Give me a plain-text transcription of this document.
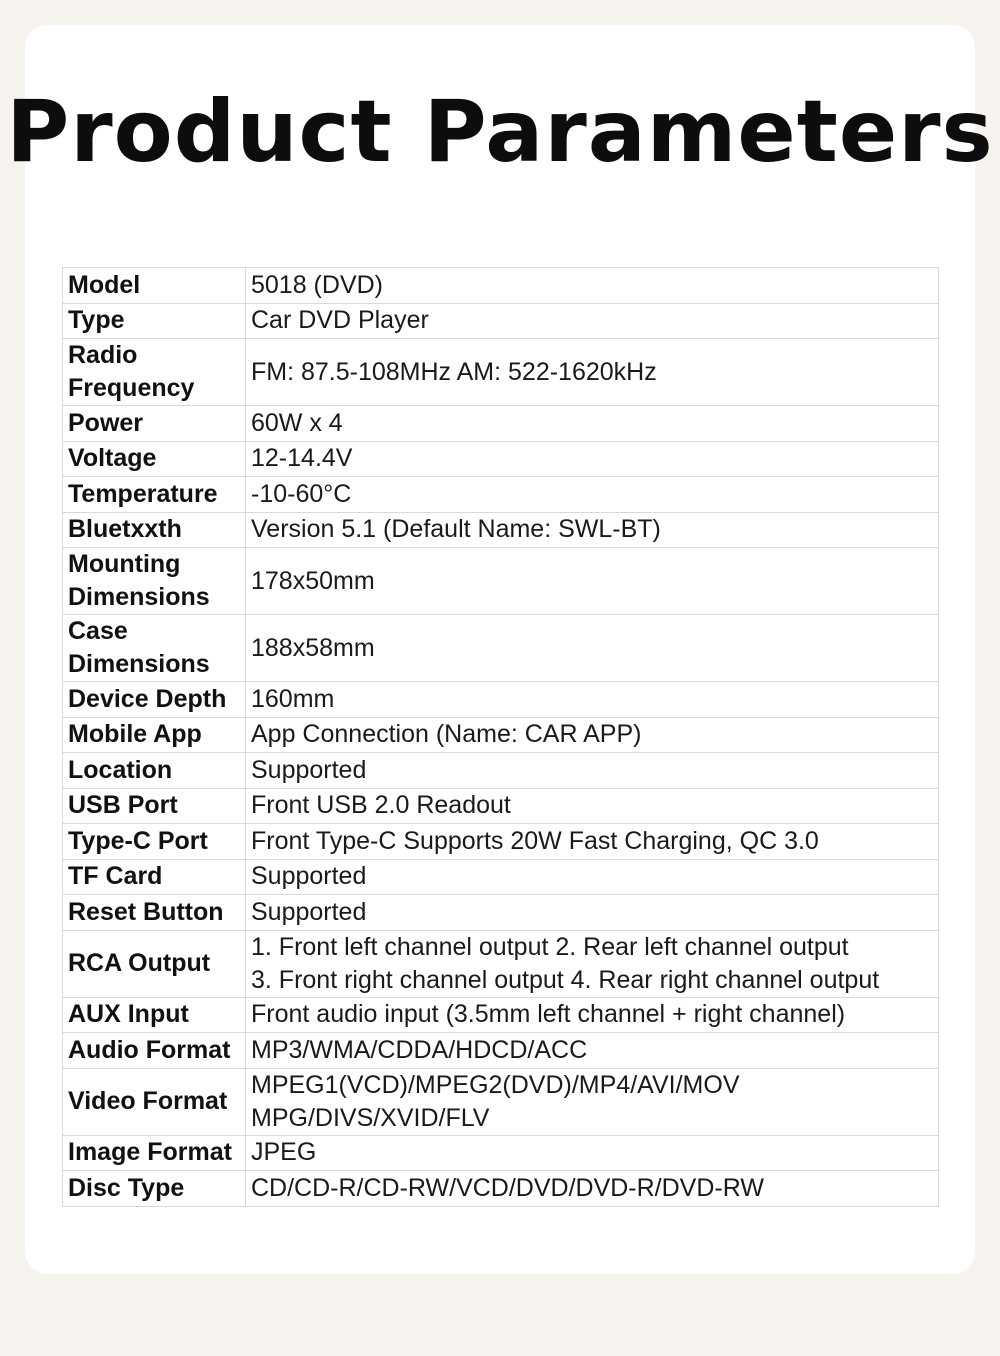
Product Parameters
Model	5018 (DVD)
Type	Car DVD Player
Radio Frequency	FM: 87.5-108MHz AM: 522-1620kHz
Power	60W x 4
Voltage	12-14.4V
Temperature	-10-60°C
Bluetxxth	Version 5.1 (Default Name: SWL-BT)
Mounting Dimensions	178x50mm
Case Dimensions	188x58mm
Device Depth	160mm
Mobile App	App Connection (Name: CAR APP)
Location	Supported
USB Port	Front USB 2.0 Readout
Type-C Port	Front Type-C Supports 20W Fast Charging, QC 3.0
TF Card	Supported
Reset Button	Supported
RCA Output	1. Front left channel output 2. Rear left channel output
3. Front right channel output 4. Rear right channel output

AUX Input	Front audio input (3.5mm left channel + right channel)
Audio Format	MP3/WMA/CDDA/HDCD/ACC
Video Format	MPEG1(VCD)/MPEG2(DVD)/MP4/AVI/MOV
MPG/DIVS/XVID/FLV

Image Format	JPEG
Disc Type	CD/CD-R/CD-RW/VCD/DVD/DVD-R/DVD-RW
